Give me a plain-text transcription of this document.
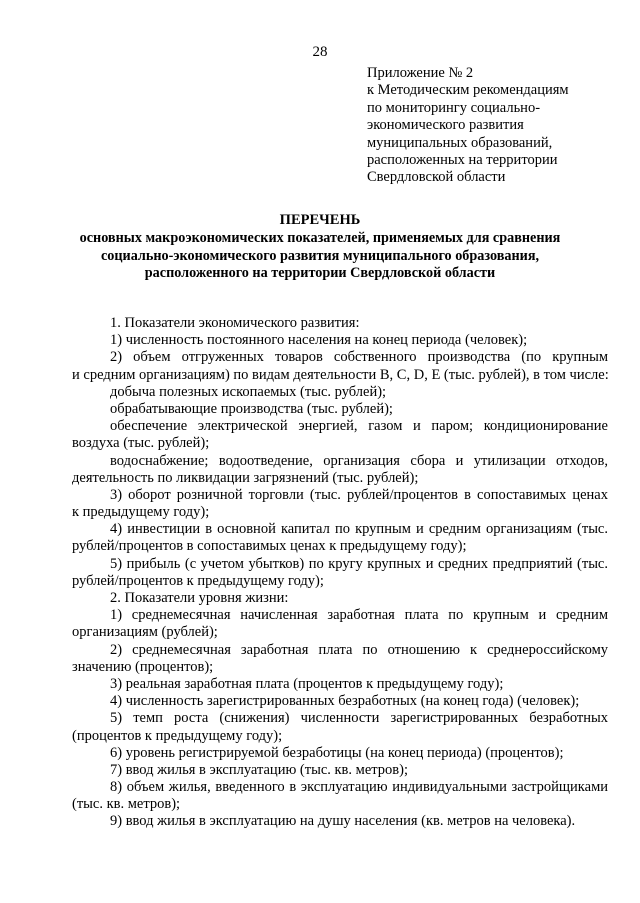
28
Приложение № 2
к Методическим рекомендациям
по мониторингу социально-
экономического развития
муниципальных образований,
расположенных на территории
Свердловской области
ПЕРЕЧЕНЬ
основных макроэкономических показателей, применяемых для сравнения
социально-экономического развития муниципального образования,
расположенного на территории Свердловской области
1. Показатели экономического развития:
1) численность постоянного населения на конец периода (человек);
2) объем отгруженных товаров собственного производства (по крупным
и средним организациям) по видам деятельности B, C, D, E (тыс. рублей), в том числе:
добыча полезных ископаемых (тыс. рублей);
обрабатывающие производства (тыс. рублей);
обеспечение электрической энергией, газом и паром; кондиционирование
воздуха (тыс. рублей);
водоснабжение; водоотведение, организация сбора и утилизации отходов,
деятельность по ликвидации загрязнений (тыс. рублей);
3) оборот розничной торговли (тыс. рублей/процентов в сопоставимых ценах
к предыдущему году);
4) инвестиции в основной капитал по крупным и средним организациям (тыс.
рублей/процентов в сопоставимых ценах к предыдущему году);
5) прибыль (с учетом убытков) по кругу крупных и средних предприятий (тыс.
рублей/процентов к предыдущему году);
2. Показатели уровня жизни:
1) среднемесячная начисленная заработная плата по крупным и средним
организациям (рублей);
2) среднемесячная заработная плата по отношению к среднероссийскому
значению (процентов);
3) реальная заработная плата (процентов к предыдущему году);
4) численность зарегистрированных безработных (на конец года) (человек);
5) темп роста (снижения) численности зарегистрированных безработных
(процентов к предыдущему году);
6) уровень регистрируемой безработицы (на конец периода) (процентов);
7) ввод жилья в эксплуатацию (тыс. кв. метров);
8) объем жилья, введенного в эксплуатацию индивидуальными застройщиками
(тыс. кв. метров);
9) ввод жилья в эксплуатацию на душу населения (кв. метров на человека).
